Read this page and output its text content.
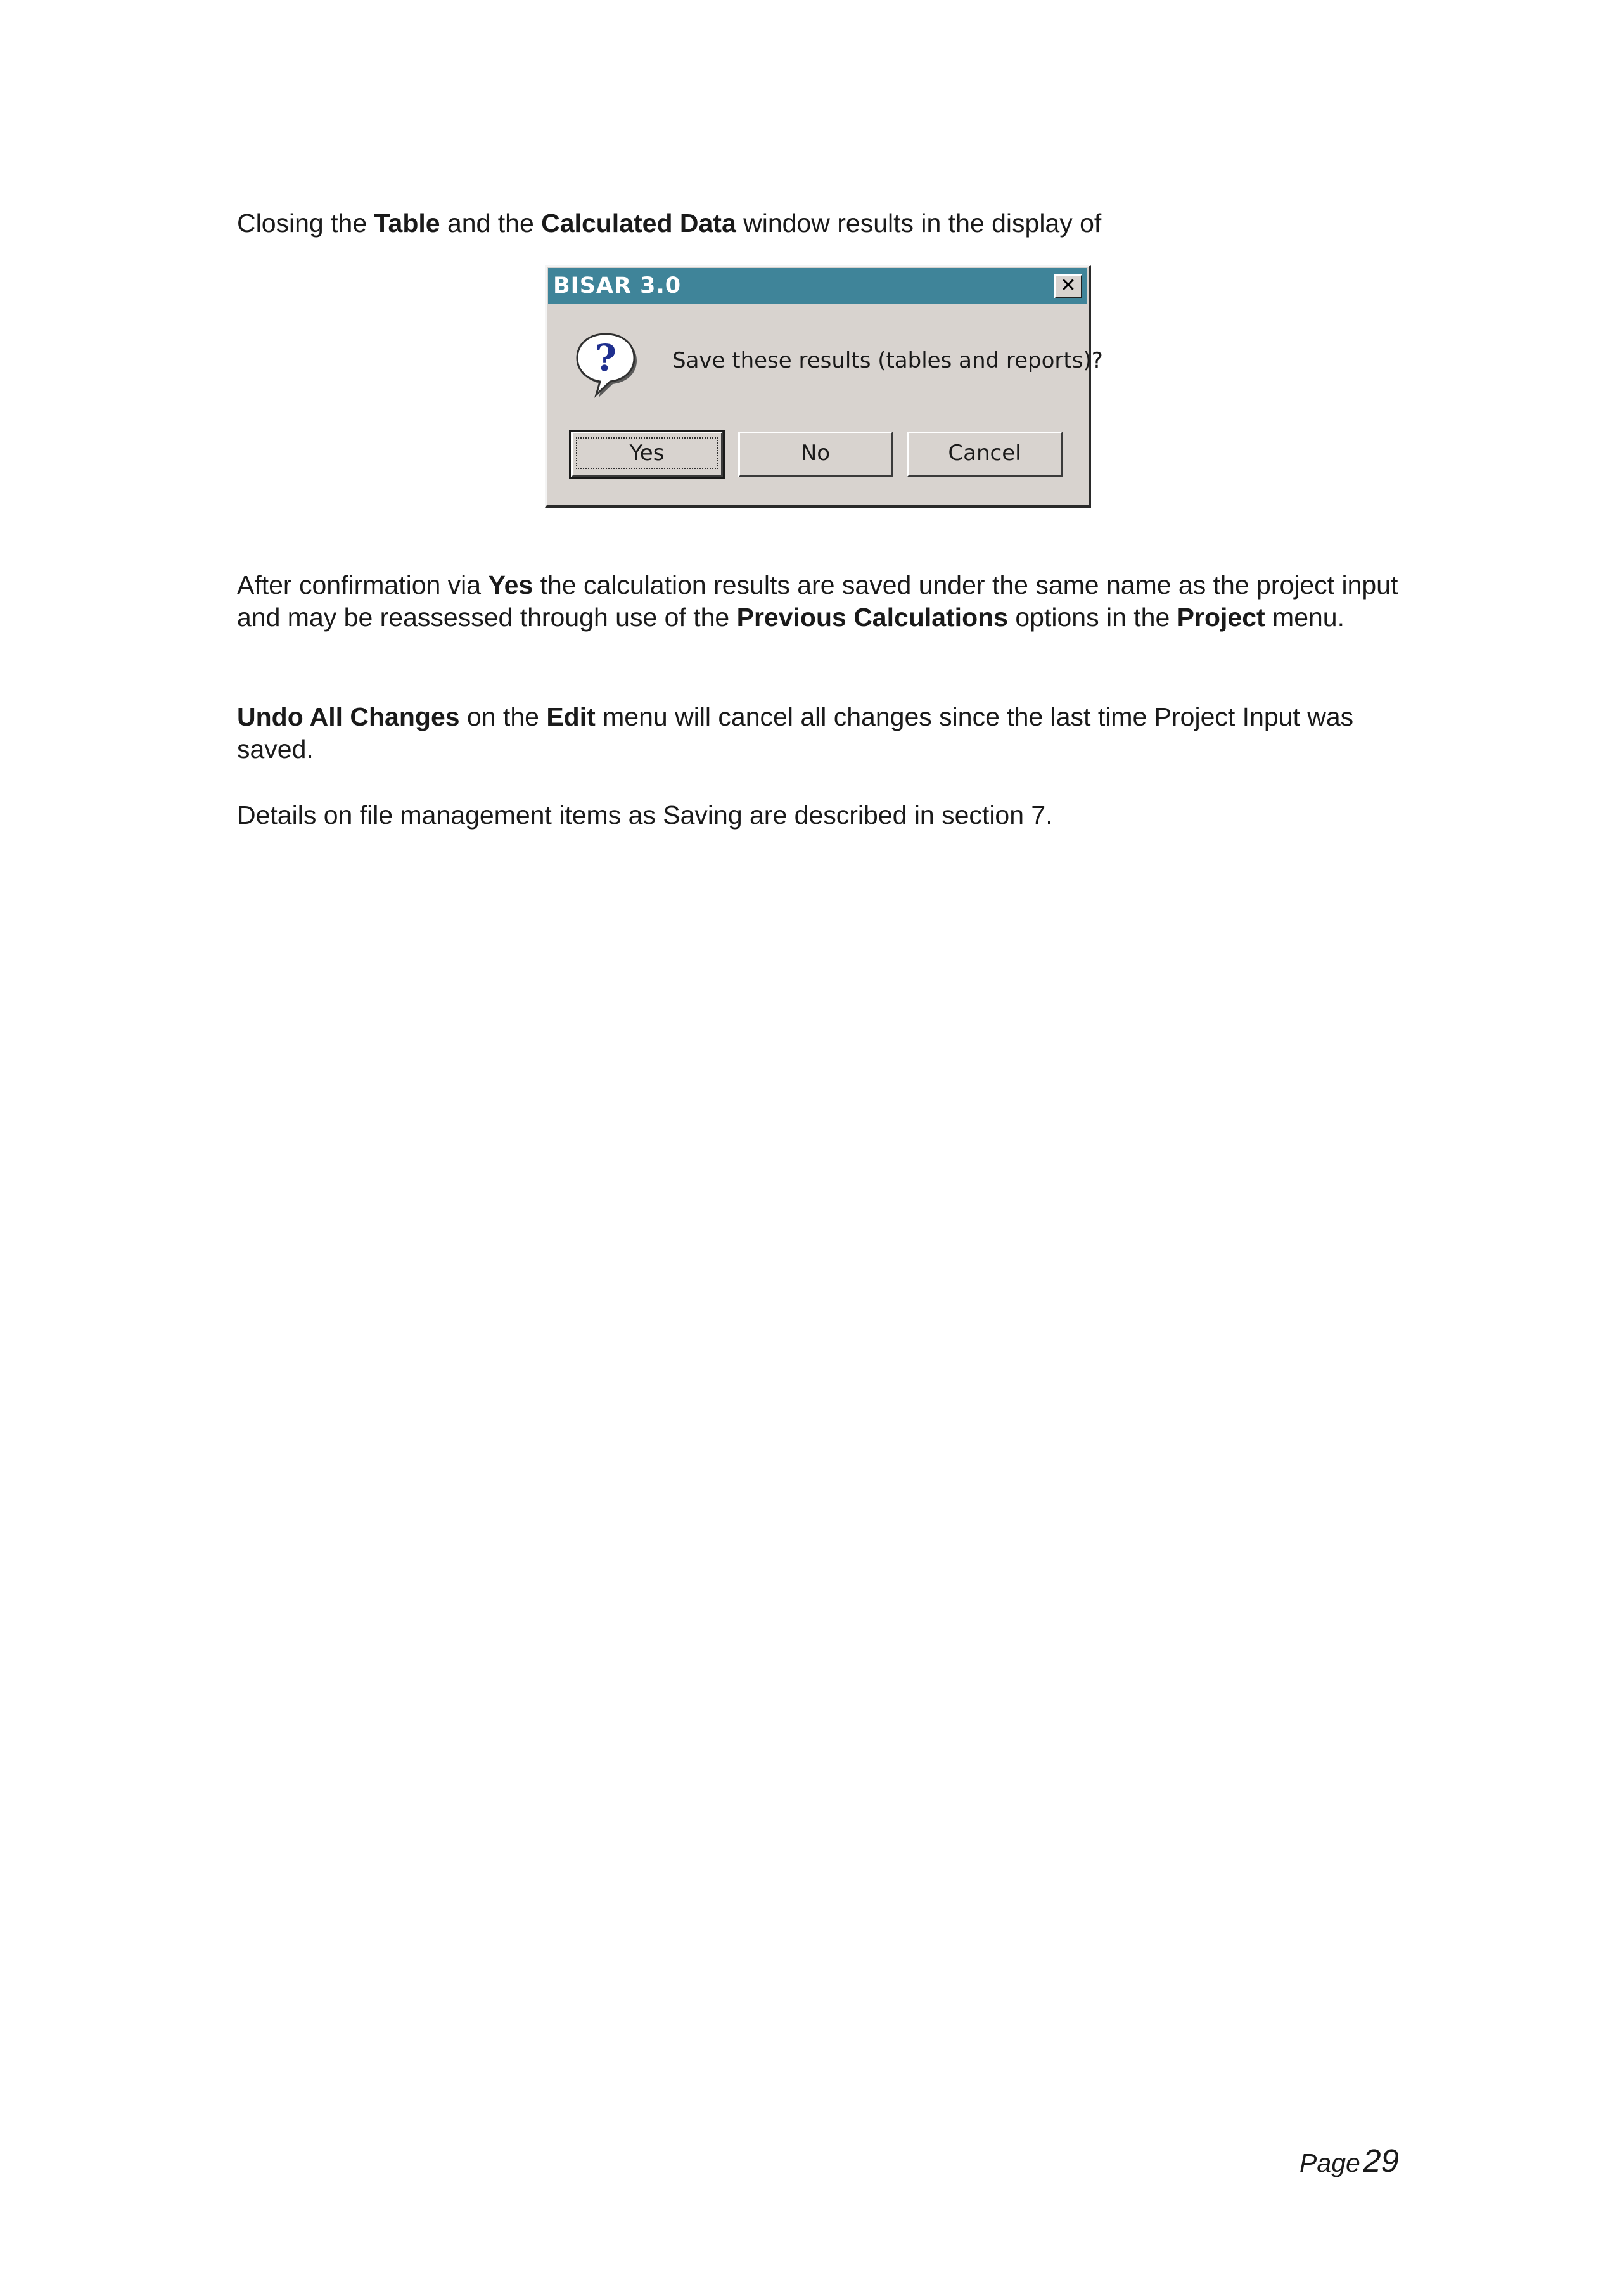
Closing the Table and the Calculated Data window results in the display of

BISAR 3.0	✕
?	Save these results (tables and reports)?
Yes	No	Cancel

After confirmation via Yes the calculation results are saved under the same name as the project input and may be reassessed through use of the Previous Calculations options in the Project menu.

Undo All Changes on the Edit menu will cancel all changes since the last time Project Input was saved.

Details on file management items as Saving are described in section 7.

Page 29
